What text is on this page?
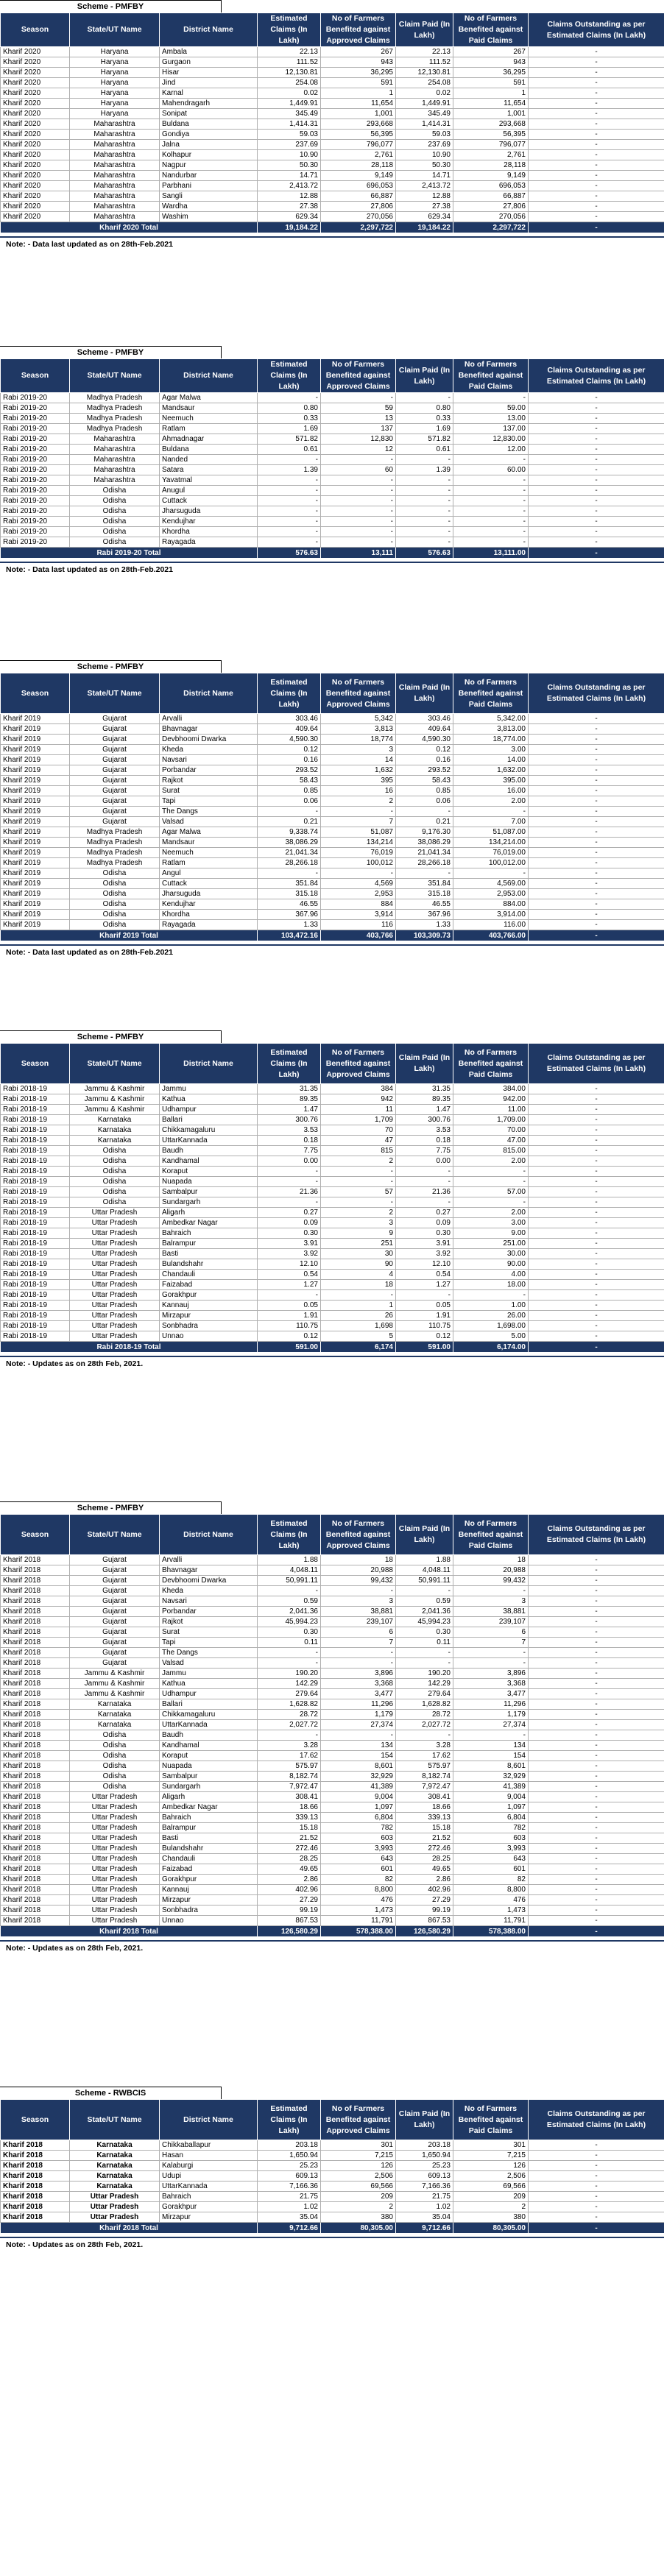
Scheme - PMFBY
Season	State/UT Name	District Name	Estimated Claims (In Lakh)	No of Farmers Benefited against Approved Claims	Claim Paid (In Lakh)	No of Farmers Benefited against Paid Claims	Claims Outstanding as per Estimated Claims (In Lakh)
Kharif 2020	Haryana	Ambala	22.13	267	22.13	267	-
Kharif 2020	Haryana	Gurgaon	111.52	943	111.52	943	-
Kharif 2020	Haryana	Hisar	12,130.81	36,295	12,130.81	36,295	-
Kharif 2020	Haryana	Jind	254.08	591	254.08	591	-
Kharif 2020	Haryana	Karnal	0.02	1	0.02	1	-
Kharif 2020	Haryana	Mahendragarh	1,449.91	11,654	1,449.91	11,654	-
Kharif 2020	Haryana	Sonipat	345.49	1,001	345.49	1,001	-
Kharif 2020	Maharashtra	Buldana	1,414.31	293,668	1,414.31	293,668	-
Kharif 2020	Maharashtra	Gondiya	59.03	56,395	59.03	56,395	-
Kharif 2020	Maharashtra	Jalna	237.69	796,077	237.69	796,077	-
Kharif 2020	Maharashtra	Kolhapur	10.90	2,761	10.90	2,761	-
Kharif 2020	Maharashtra	Nagpur	50.30	28,118	50.30	28,118	-
Kharif 2020	Maharashtra	Nandurbar	14.71	9,149	14.71	9,149	-
Kharif 2020	Maharashtra	Parbhani	2,413.72	696,053	2,413.72	696,053	-
Kharif 2020	Maharashtra	Sangli	12.88	66,887	12.88	66,887	-
Kharif 2020	Maharashtra	Wardha	27.38	27,806	27.38	27,806	-
Kharif 2020	Maharashtra	Washim	629.34	270,056	629.34	270,056	-
Kharif 2020 Total			19,184.22	2,297,722	19,184.22	2,297,722	-
Note: - Data last updated as on 28th-Feb.2021
Scheme - PMFBY
Season	State/UT Name	District Name	Estimated Claims (In Lakh)	No of Farmers Benefited against Approved Claims	Claim Paid (In Lakh)	No of Farmers Benefited against Paid Claims	Claims Outstanding as per Estimated Claims (In Lakh)
Rabi 2019-20	Madhya Pradesh	Agar Malwa	-	-	-	-	-
Rabi 2019-20	Madhya Pradesh	Mandsaur	0.80	59	0.80	59.00	-
Rabi 2019-20	Madhya Pradesh	Neemuch	0.33	13	0.33	13.00	-
Rabi 2019-20	Madhya Pradesh	Ratlam	1.69	137	1.69	137.00	-
Rabi 2019-20	Maharashtra	Ahmadnagar	571.82	12,830	571.82	12,830.00	-
Rabi 2019-20	Maharashtra	Buldana	0.61	12	0.61	12.00	-
Rabi 2019-20	Maharashtra	Nanded	-	-	-	-	-
Rabi 2019-20	Maharashtra	Satara	1.39	60	1.39	60.00	-
Rabi 2019-20	Maharashtra	Yavatmal	-	-	-	-	-
Rabi 2019-20	Odisha	Anugul	-	-	-	-	-
Rabi 2019-20	Odisha	Cuttack	-	-	-	-	-
Rabi 2019-20	Odisha	Jharsuguda	-	-	-	-	-
Rabi 2019-20	Odisha	Kendujhar	-	-	-	-	-
Rabi 2019-20	Odisha	Khordha	-	-	-	-	-
Rabi 2019-20	Odisha	Rayagada	-	-	-	-	-
Rabi 2019-20 Total			576.63	13,111	576.63	13,111.00	-
Note: - Data last updated as on 28th-Feb.2021
Scheme - PMFBY
Season	State/UT Name	District Name	Estimated Claims (In Lakh)	No of Farmers Benefited against Approved Claims	Claim Paid (In Lakh)	No of Farmers Benefited against Paid Claims	Claims Outstanding as per Estimated Claims (In Lakh)
Kharif 2019	Gujarat	Arvalli	303.46	5,342	303.46	5,342.00	-
Kharif 2019	Gujarat	Bhavnagar	409.64	3,813	409.64	3,813.00	-
Kharif 2019	Gujarat	Devbhoomi Dwarka	4,590.30	18,774	4,590.30	18,774.00	-
Kharif 2019	Gujarat	Kheda	0.12	3	0.12	3.00	-
Kharif 2019	Gujarat	Navsari	0.16	14	0.16	14.00	-
Kharif 2019	Gujarat	Porbandar	293.52	1,632	293.52	1,632.00	-
Kharif 2019	Gujarat	Rajkot	58.43	395	58.43	395.00	-
Kharif 2019	Gujarat	Surat	0.85	16	0.85	16.00	-
Kharif 2019	Gujarat	Tapi	0.06	2	0.06	2.00	-
Kharif 2019	Gujarat	The Dangs	-	-	-	-	-
Kharif 2019	Gujarat	Valsad	0.21	7	0.21	7.00	-
Kharif 2019	Madhya Pradesh	Agar Malwa	9,338.74	51,087	9,176.30	51,087.00	-
Kharif 2019	Madhya Pradesh	Mandsaur	38,086.29	134,214	38,086.29	134,214.00	-
Kharif 2019	Madhya Pradesh	Neemuch	21,041.34	76,019	21,041.34	76,019.00	-
Kharif 2019	Madhya Pradesh	Ratlam	28,266.18	100,012	28,266.18	100,012.00	-
Kharif 2019	Odisha	Angul	-	-	-	-	-
Kharif 2019	Odisha	Cuttack	351.84	4,569	351.84	4,569.00	-
Kharif 2019	Odisha	Jharsuguda	315.18	2,953	315.18	2,953.00	-
Kharif 2019	Odisha	Kendujhar	46.55	884	46.55	884.00	-
Kharif 2019	Odisha	Khordha	367.96	3,914	367.96	3,914.00	-
Kharif 2019	Odisha	Rayagada	1.33	116	1.33	116.00	-
Kharif 2019 Total			103,472.16	403,766	103,309.73	403,766.00	-
Note: - Data last updated as on 28th-Feb.2021
Scheme - PMFBY
Season	State/UT Name	District Name	Estimated Claims (In Lakh)	No of Farmers Benefited against Approved Claims	Claim Paid (In Lakh)	No of Farmers Benefited against Paid Claims	Claims Outstanding as per Estimated Claims (In Lakh)
Rabi 2018-19	Jammu & Kashmir	Jammu	31.35	384	31.35	384.00	-
Rabi 2018-19	Jammu & Kashmir	Kathua	89.35	942	89.35	942.00	-
Rabi 2018-19	Jammu & Kashmir	Udhampur	1.47	11	1.47	11.00	-
Rabi 2018-19	Karnataka	Ballari	300.76	1,709	300.76	1,709.00	-
Rabi 2018-19	Karnataka	Chikkamagaluru	3.53	70	3.53	70.00	-
Rabi 2018-19	Karnataka	UttarKannada	0.18	47	0.18	47.00	-
Rabi 2018-19	Odisha	Baudh	7.75	815	7.75	815.00	-
Rabi 2018-19	Odisha	Kandhamal	0.00	2	0.00	2.00	-
Rabi 2018-19	Odisha	Koraput	-	-	-	-	-
Rabi 2018-19	Odisha	Nuapada	-	-	-	-	-
Rabi 2018-19	Odisha	Sambalpur	21.36	57	21.36	57.00	-
Rabi 2018-19	Odisha	Sundargarh	-	-	-	-	-
Rabi 2018-19	Uttar Pradesh	Aligarh	0.27	2	0.27	2.00	-
Rabi 2018-19	Uttar Pradesh	Ambedkar Nagar	0.09	3	0.09	3.00	-
Rabi 2018-19	Uttar Pradesh	Bahraich	0.30	9	0.30	9.00	-
Rabi 2018-19	Uttar Pradesh	Balrampur	3.91	251	3.91	251.00	-
Rabi 2018-19	Uttar Pradesh	Basti	3.92	30	3.92	30.00	-
Rabi 2018-19	Uttar Pradesh	Bulandshahr	12.10	90	12.10	90.00	-
Rabi 2018-19	Uttar Pradesh	Chandauli	0.54	4	0.54	4.00	-
Rabi 2018-19	Uttar Pradesh	Faizabad	1.27	18	1.27	18.00	-
Rabi 2018-19	Uttar Pradesh	Gorakhpur	-	-	-	-	-
Rabi 2018-19	Uttar Pradesh	Kannauj	0.05	1	0.05	1.00	-
Rabi 2018-19	Uttar Pradesh	Mirzapur	1.91	26	1.91	26.00	-
Rabi 2018-19	Uttar Pradesh	Sonbhadra	110.75	1,698	110.75	1,698.00	-
Rabi 2018-19	Uttar Pradesh	Unnao	0.12	5	0.12	5.00	-
Rabi 2018-19 Total			591.00	6,174	591.00	6,174.00	-
Note: - Updates as on 28th Feb, 2021.
Scheme - PMFBY
Season	State/UT Name	District Name	Estimated Claims (In Lakh)	No of Farmers Benefited against Approved Claims	Claim Paid (In Lakh)	No of Farmers Benefited against Paid Claims	Claims Outstanding as per Estimated Claims (In Lakh)
Kharif 2018	Gujarat	Arvalli	1.88	18	1.88	18	-
Kharif 2018	Gujarat	Bhavnagar	4,048.11	20,988	4,048.11	20,988	-
Kharif 2018	Gujarat	Devbhoomi Dwarka	50,991.11	99,432	50,991.11	99,432	-
Kharif 2018	Gujarat	Kheda	-	-	-	-	-
Kharif 2018	Gujarat	Navsari	0.59	3	0.59	3	-
Kharif 2018	Gujarat	Porbandar	2,041.36	38,881	2,041.36	38,881	-
Kharif 2018	Gujarat	Rajkot	45,994.23	239,107	45,994.23	239,107	-
Kharif 2018	Gujarat	Surat	0.30	6	0.30	6	-
Kharif 2018	Gujarat	Tapi	0.11	7	0.11	7	-
Kharif 2018	Gujarat	The Dangs	-	-	-	-	-
Kharif 2018	Gujarat	Valsad	-	-	-	-	-
Kharif 2018	Jammu & Kashmir	Jammu	190.20	3,896	190.20	3,896	-
Kharif 2018	Jammu & Kashmir	Kathua	142.29	3,368	142.29	3,368	-
Kharif 2018	Jammu & Kashmir	Udhampur	279.64	3,477	279.64	3,477	-
Kharif 2018	Karnataka	Ballari	1,628.82	11,296	1,628.82	11,296	-
Kharif 2018	Karnataka	Chikkamagaluru	28.72	1,179	28.72	1,179	-
Kharif 2018	Karnataka	UttarKannada	2,027.72	27,374	2,027.72	27,374	-
Kharif 2018	Odisha	Baudh	-	-	-	-	-
Kharif 2018	Odisha	Kandhamal	3.28	134	3.28	134	-
Kharif 2018	Odisha	Koraput	17.62	154	17.62	154	-
Kharif 2018	Odisha	Nuapada	575.97	8,601	575.97	8,601	-
Kharif 2018	Odisha	Sambalpur	8,182.74	32,929	8,182.74	32,929	-
Kharif 2018	Odisha	Sundargarh	7,972.47	41,389	7,972.47	41,389	-
Kharif 2018	Uttar Pradesh	Aligarh	308.41	9,004	308.41	9,004	-
Kharif 2018	Uttar Pradesh	Ambedkar Nagar	18.66	1,097	18.66	1,097	-
Kharif 2018	Uttar Pradesh	Bahraich	339.13	6,804	339.13	6,804	-
Kharif 2018	Uttar Pradesh	Balrampur	15.18	782	15.18	782	-
Kharif 2018	Uttar Pradesh	Basti	21.52	603	21.52	603	-
Kharif 2018	Uttar Pradesh	Bulandshahr	272.46	3,993	272.46	3,993	-
Kharif 2018	Uttar Pradesh	Chandauli	28.25	643	28.25	643	-
Kharif 2018	Uttar Pradesh	Faizabad	49.65	601	49.65	601	-
Kharif 2018	Uttar Pradesh	Gorakhpur	2.86	82	2.86	82	-
Kharif 2018	Uttar Pradesh	Kannauj	402.96	8,800	402.96	8,800	-
Kharif 2018	Uttar Pradesh	Mirzapur	27.29	476	27.29	476	-
Kharif 2018	Uttar Pradesh	Sonbhadra	99.19	1,473	99.19	1,473	-
Kharif 2018	Uttar Pradesh	Unnao	867.53	11,791	867.53	11,791	-
Kharif 2018 Total			126,580.29	578,388.00	126,580.29	578,388.00	-
Note: - Updates as on 28th Feb, 2021.
Scheme - RWBCIS
Season	State/UT Name	District Name	Estimated Claims (In Lakh)	No of Farmers Benefited against Approved Claims	Claim Paid (In Lakh)	No of Farmers Benefited against Paid Claims	Claims Outstanding as per Estimated Claims (In Lakh)
Kharif 2018	Karnataka	Chikkaballapur	203.18	301	203.18	301	-
Kharif 2018	Karnataka	Hasan	1,650.94	7,215	1,650.94	7,215	-
Kharif 2018	Karnataka	Kalaburgi	25.23	126	25.23	126	-
Kharif 2018	Karnataka	Udupi	609.13	2,506	609.13	2,506	-
Kharif 2018	Karnataka	UttarKannada	7,166.36	69,566	7,166.36	69,566	-
Kharif 2018	Uttar Pradesh	Bahraich	21.75	209	21.75	209	-
Kharif 2018	Uttar Pradesh	Gorakhpur	1.02	2	1.02	2	-
Kharif 2018	Uttar Pradesh	Mirzapur	35.04	380	35.04	380	-
Kharif 2018 Total			9,712.66	80,305.00	9,712.66	80,305.00	-
Note: - Updates as on 28th Feb, 2021.
